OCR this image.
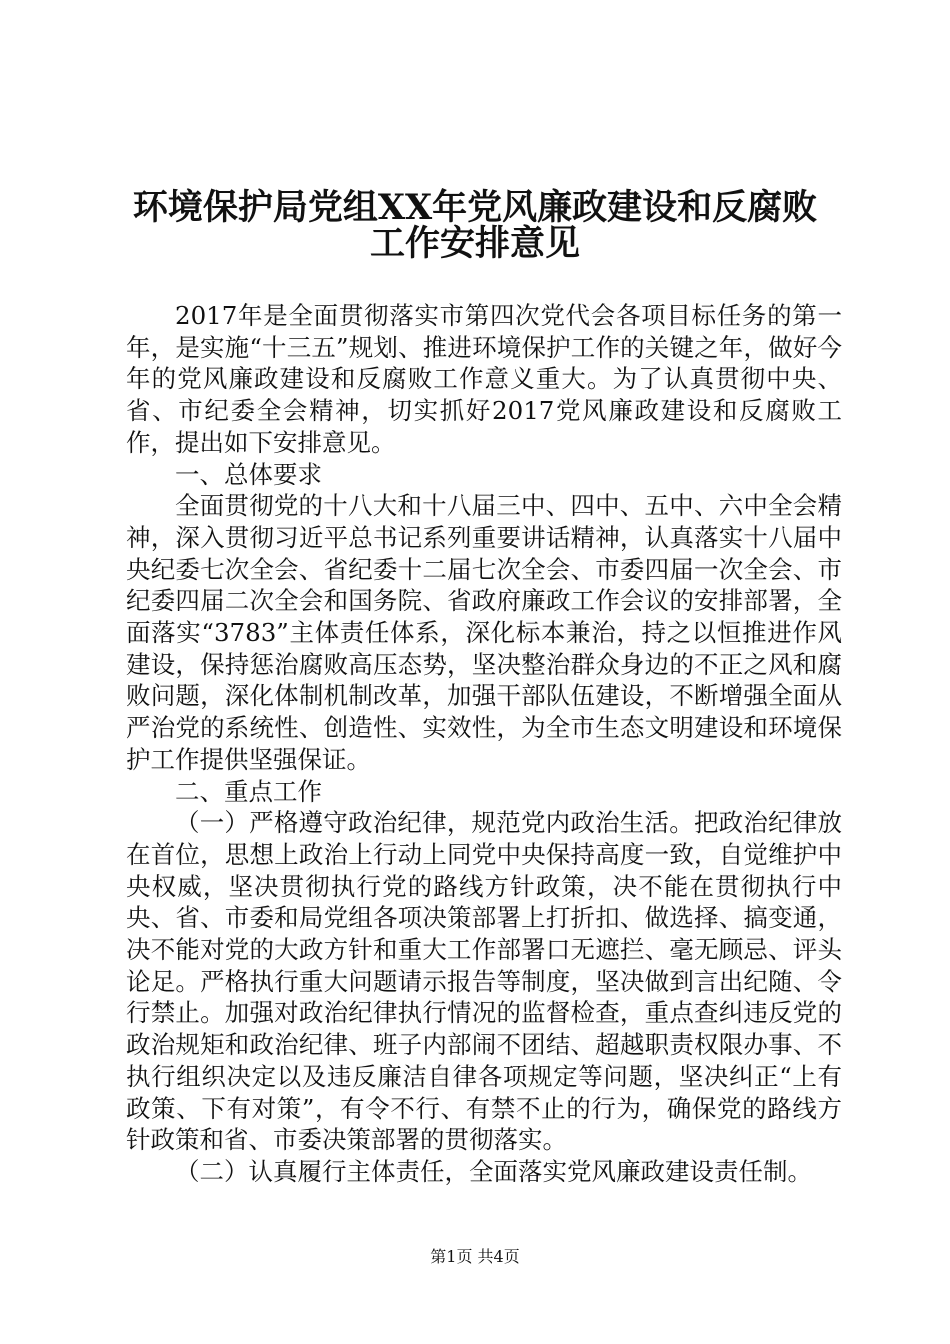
环境保护局党组XX年党风廉政建设和反腐败
工作安排意见

2017年是全面贯彻落实市第四次党代会各项目标任务的第一年，是实施“十三五”规划、推进环境保护工作的关键之年，做好今年的党风廉政建设和反腐败工作意义重大。为了认真贯彻中央、省、市纪委全会精神，切实抓好2017党风廉政建设和反腐败工作，提出如下安排意见。

一、总体要求

全面贯彻党的十八大和十八届三中、四中、五中、六中全会精神，深入贯彻习近平总书记系列重要讲话精神，认真落实十八届中央纪委七次全会、省纪委十二届七次全会、市委四届一次全会、市纪委四届二次全会和国务院、省政府廉政工作会议的安排部署，全面落实“3783”主体责任体系，深化标本兼治，持之以恒推进作风建设，保持惩治腐败高压态势，坚决整治群众身边的不正之风和腐败问题，深化体制机制改革，加强干部队伍建设，不断增强全面从严治党的系统性、创造性、实效性，为全市生态文明建设和环境保护工作提供坚强保证。

二、重点工作

（一）严格遵守政治纪律，规范党内政治生活。把政治纪律放在首位，思想上政治上行动上同党中央保持高度一致，自觉维护中央权威，坚决贯彻执行党的路线方针政策，决不能在贯彻执行中央、省、市委和局党组各项决策部署上打折扣、做选择、搞变通，决不能对党的大政方针和重大工作部署口无遮拦、毫无顾忌、评头论足。严格执行重大问题请示报告等制度，坚决做到言出纪随、令行禁止。加强对政治纪律执行情况的监督检查，重点查纠违反党的政治规矩和政治纪律、班子内部闹不团结、超越职责权限办事、不执行组织决定以及违反廉洁自律各项规定等问题，坚决纠正“上有政策、下有对策”，有令不行、有禁不止的行为，确保党的路线方针政策和省、市委决策部署的贯彻落实。

（二）认真履行主体责任，全面落实党风廉政建设责任制。

第1页 共4页
